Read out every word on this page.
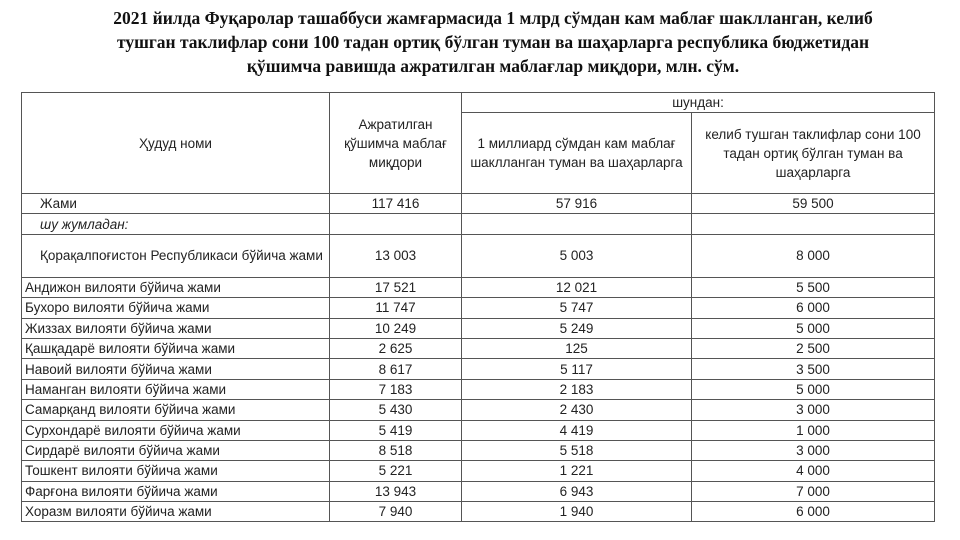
2021 йилда Фуқаролар ташаббуси жамғармасида 1 млрд сўмдан кам маблағ шаклланган, келиб
тушган таклифлар сони 100 тадан ортиқ бўлган туман ва шаҳарларга республика бюджетидан
қўшимча равишда ажратилган маблағлар миқдори, млн. сўм.
Ҳудуд номи	Ажратилган қўшимча маблағ миқдори	шундан:	
		1 миллиард сўмдан кам маблағ шаклланган туман ва шаҳарларга	келиб тушган таклифлар сони 100 тадан ортиқ бўлган туман ва шаҳарларга
Жами	117 416	57 916	59 500
шу жумладан:			
Қорақалпоғистон Республикаси бўйича жами	13 003	5 003	8 000
Андижон вилояти бўйича жами	17 521	12 021	5 500
Бухоро вилояти бўйича жами	11 747	5 747	6 000
Жиззах вилояти бўйича жами	10 249	5 249	5 000
Қашқадарё вилояти бўйича жами	2 625	125	2 500
Навоий вилояти бўйича жами	8 617	5 117	3 500
Наманган вилояти бўйича жами	7 183	2 183	5 000
Самарқанд вилояти бўйича жами	5 430	2 430	3 000
Сурхондарё вилояти бўйича жами	5 419	4 419	1 000
Сирдарё вилояти бўйича жами	8 518	5 518	3 000
Тошкент вилояти бўйича жами	5 221	1 221	4 000
Фарғона вилояти бўйича жами	13 943	6 943	7 000
Хоразм вилояти бўйича жами	7 940	1 940	6 000
